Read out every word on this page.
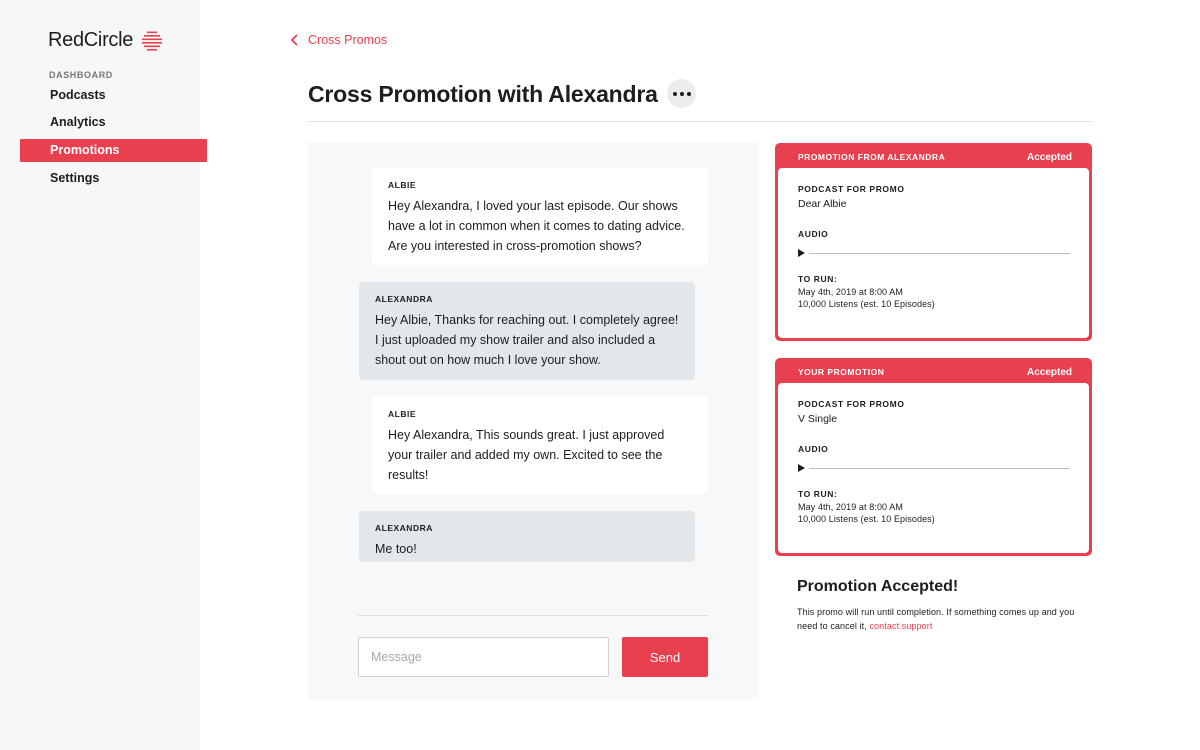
RedCircle
DASHBOARD
Podcasts
Analytics
Promotions
Settings
Cross Promos
Cross Promotion with Alexandra
ALBIE
Hey Alexandra, I loved your last episode. Our shows have a lot in common when it comes to dating advice. Are you interested in cross-promotion shows?
ALEXANDRA
Hey Albie, Thanks for reaching out. I completely agree! I just uploaded my show trailer and also included a shout out on how much I love your show.
ALBIE
Hey Alexandra, This sounds great. I just approved your trailer and added my own. Excited to see the results!
ALEXANDRA
Me too!
Message
Send
PROMOTION FROM ALEXANDRA	Accepted
PODCAST FOR PROMO
Dear Albie
AUDIO
TO RUN:
May 4th, 2019 at 8:00 AM
10,000 Listens (est. 10 Episodes)
YOUR PROMOTION	Accepted
PODCAST FOR PROMO
V Single
AUDIO
TO RUN:
May 4th, 2019 at 8:00 AM
10,000 Listens (est. 10 Episodes)
Promotion Accepted!

This promo will run until completion. If something comes up and you need to cancel it, contact support
